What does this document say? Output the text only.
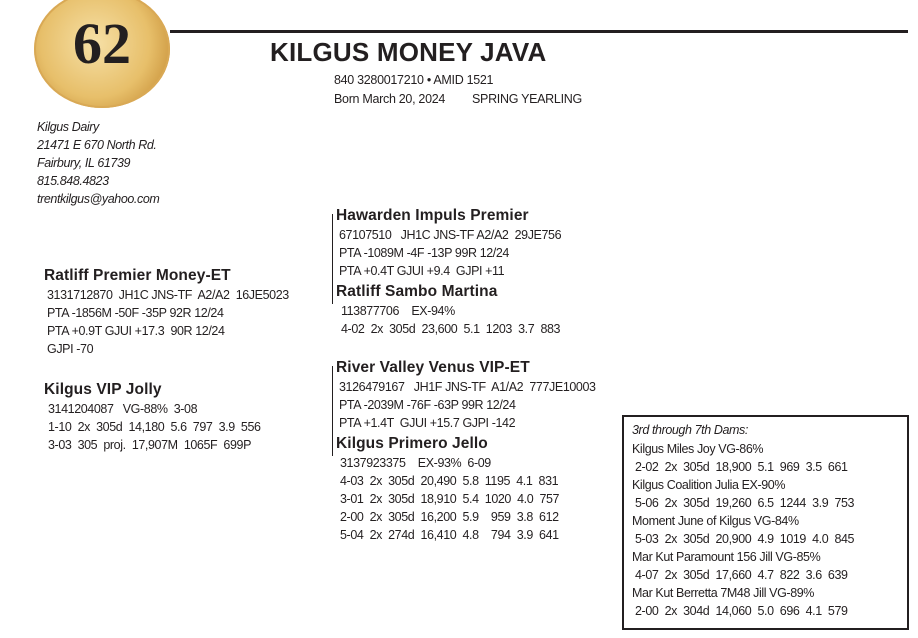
62	KILGUS MONEY JAVA
840 3280017210 • AMID 1521
Born March 20, 2024 SPRING YEARLING
Kilgus Dairy
21471 E 670 North Rd.
Fairbury, IL 61739
815.848.4823
trentkilgus@yahoo.com
Hawarden Impuls Premier
67107510   JH1C JNS-TF A2/A2  29JE756
PTA -1089M -4F -13P 99R 12/24
PTA +0.4T GJUI +9.4  GJPI +11
Ratliff Sambo Martina
113877706    EX-94%
4-02  2x  305d  23,600  5.1  1203  3.7  883
Ratliff Premier Money-ET
3131712870  JH1C JNS-TF  A2/A2  16JE5023
PTA -1856M -50F -35P 92R 12/24
PTA +0.9T GJUI +17.3  90R 12/24
GJPI -70
Kilgus VIP Jolly
3141204087   VG-88%  3-08
1-10  2x  305d  14,180  5.6  797  3.9  556
3-03  305  proj.  17,907M  1065F  699P
River Valley Venus VIP-ET
3126479167   JH1F JNS-TF  A1/A2  777JE10003
PTA -2039M -76F -63P 99R 12/24
PTA +1.4T  GJUI +15.7 GJPI -142
Kilgus Primero Jello
3137923375    EX-93%  6-09
4-03  2x  305d  20,490  5.8  1195  4.1  831
3-01  2x  305d  18,910  5.4  1020  4.0  757
2-00  2x  305d  16,200  5.9    959  3.8  612
5-04  2x  274d  16,410  4.8    794  3.9  641
3rd through 7th Dams:
Kilgus Miles Joy VG-86%
2-02  2x  305d  18,900  5.1  969  3.5  661
Kilgus Coalition Julia EX-90%
5-06  2x  305d  19,260  6.5  1244  3.9  753
Moment June of Kilgus VG-84%
5-03  2x  305d  20,900  4.9  1019  4.0  845
Mar Kut Paramount 156 Jill VG-85%
4-07  2x  305d  17,660  4.7  822  3.6  639
Mar Kut Berretta 7M48 Jill VG-89%
2-00  2x  304d  14,060  5.0  696  4.1  579
